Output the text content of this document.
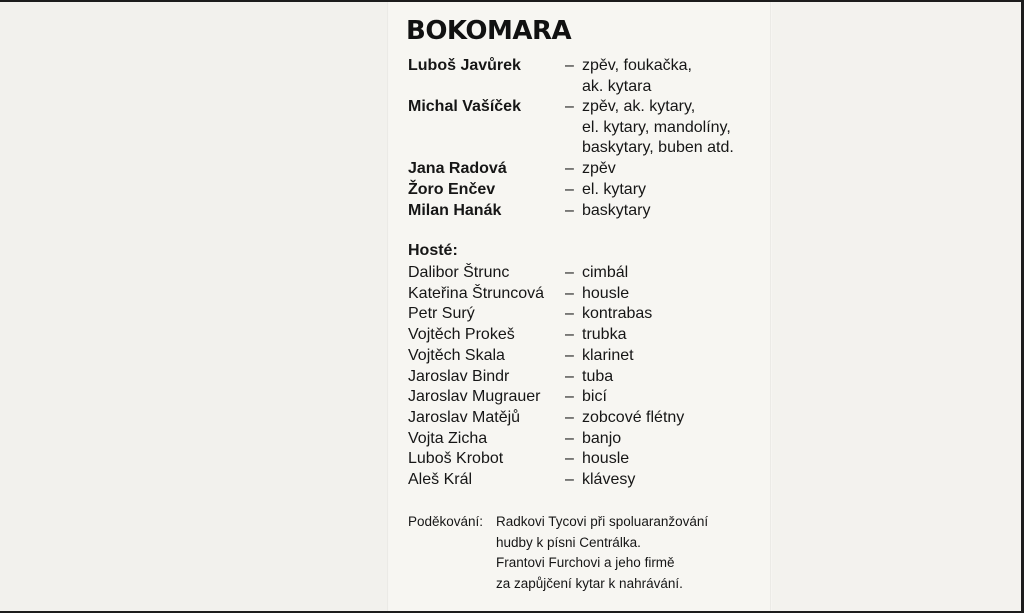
BOKOMARA
Luboš Javůrek	– zpěv, foukačka,
ak. kytara
Michal Vašíček	– zpěv, ak. kytary,
el. kytary, mandolíny,
baskytary, buben atd.
Jana Radová	– zpěv
Žoro Enčev	– el. kytary
Milan Hanák	– baskytary
Hosté:
Dalibor Štrunc	– cimbál
Kateřina Štruncová – housle
Petr Surý	– kontrabas
Vojtěch Prokeš	– trubka
Vojtěch Skala	– klarinet
Jaroslav Bindr	– tuba
Jaroslav Mugrauer – bicí
Jaroslav Matějů	– zobcové flétny
Vojta Zicha	– banjo
Luboš Krobot	– housle
Aleš Král	– klávesy
Poděkování: Radkovi Tycovi při spoluaranžování
hudby k písni Centrálka.
Frantovi Furchovi a jeho firmě
za zapůjčení kytar k nahrávání.
